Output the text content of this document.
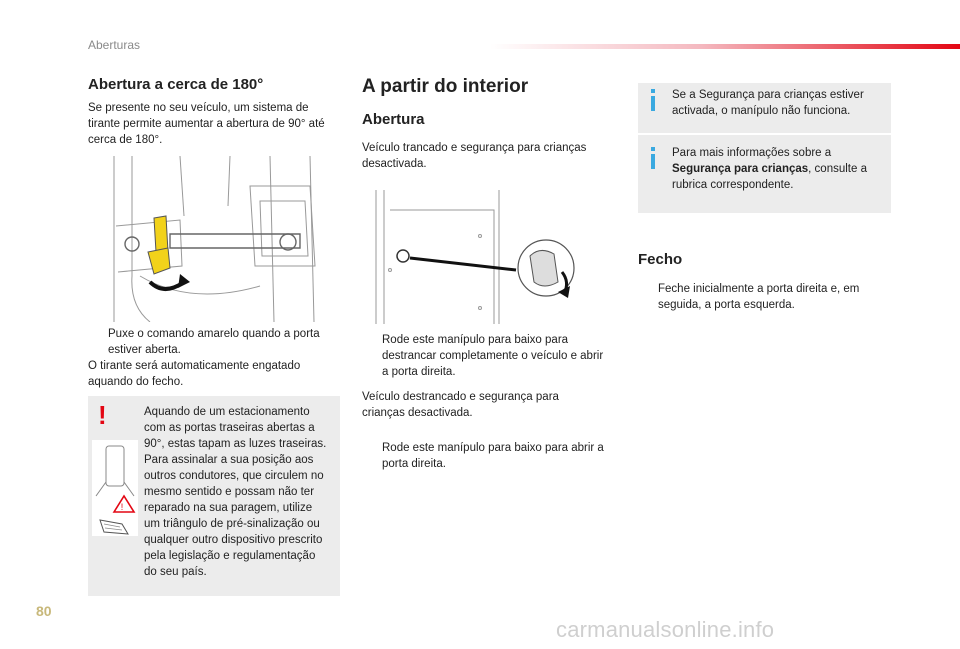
Aberturas
Abertura a cerca de 180°
Se presente no seu veículo, um sistema de
tirante permite aumentar a abertura de 90° até
cerca de 180°.
Puxe o comando amarelo quando a porta
estiver aberta.
O tirante será automaticamente engatado
aquando do fecho.
!
!
Aquando de um estacionamento
com as portas traseiras abertas a
90°, estas tapam as luzes traseiras.
Para assinalar a sua posição aos
outros condutores, que circulem no
mesmo sentido e possam não ter
reparado na sua paragem, utilize
um triângulo de pré-sinalização ou
qualquer outro dispositivo prescrito
pela legislação e regulamentação
do seu país.
A partir do interior
Abertura
Veículo trancado e segurança para crianças
desactivada.
Rode este manípulo para baixo para
destrancar completamente o veículo e abrir
a porta direita.
Veículo destrancado e segurança para
crianças desactivada.
Rode este manípulo para baixo para abrir a
porta direita.
Se a Segurança para crianças estiver
activada, o manípulo não funciona.
Para mais informações sobre a
Segurança para crianças, consulte a
rubrica correspondente.
Fecho
Feche inicialmente a porta direita e, em
seguida, a porta esquerda.
80
carmanualsonline.info
